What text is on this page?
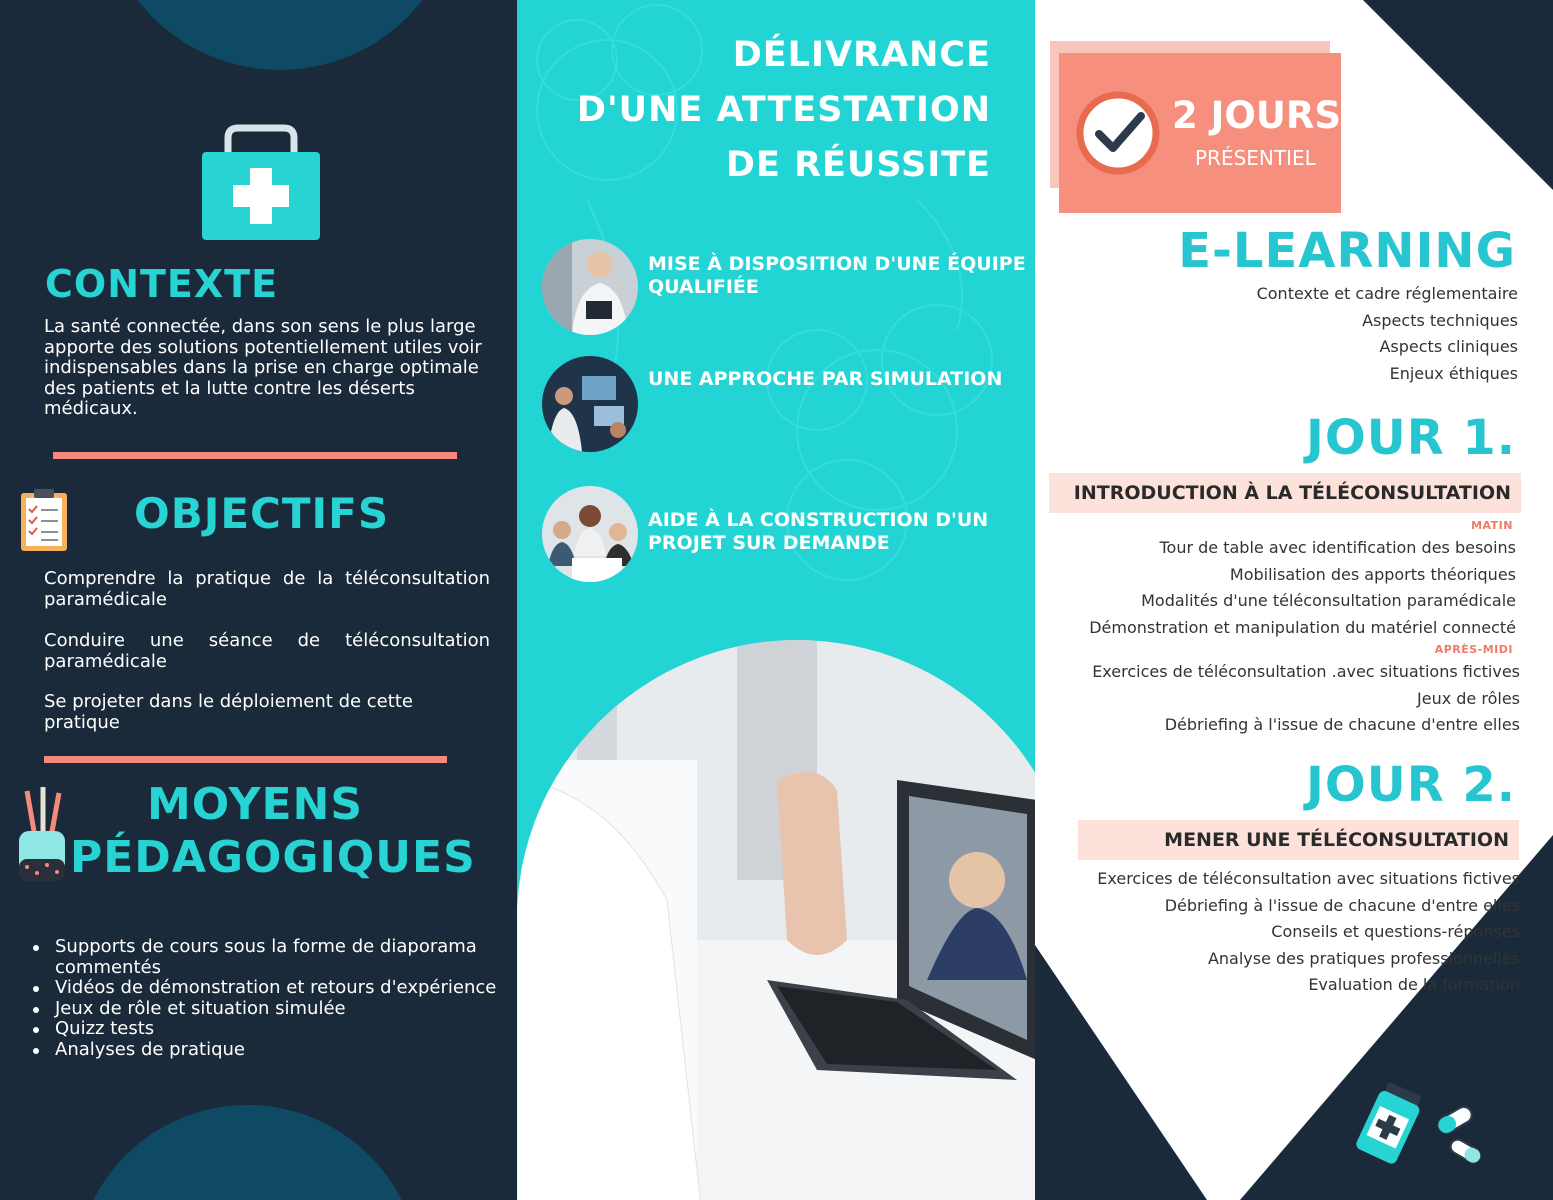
CONTEXTE

La santé connectée, dans son sens le plus large apporte des solutions potentiellement utiles voir indispensables dans la prise en charge optimale des patients et la lutte contre les déserts médicaux.

OBJECTIFS

Comprendre la pratique de la téléconsultation paramédicale

Conduire une séance de téléconsultation paramédicale

Se projeter dans le déploiement de cette pratique

MOYENS
PÉDAGOGIQUES
Supports de cours sous la forme de diaporama commentés
Vidéos de démonstration et retours d'expérience
Jeux de rôle et situation simulée
Quizz tests
Analyses de pratique
DÉLIVRANCE
D'UNE ATTESTATION
DE RÉUSSITE
MISE À DISPOSITION D'UNE ÉQUIPE QUALIFIÉE
UNE APPROCHE PAR SIMULATION
AIDE À LA CONSTRUCTION D'UN PROJET SUR DEMANDE
2 JOURS
PRÉSENTIEL
E-LEARNING
Contexte et cadre réglementaire
Aspects techniques
Aspects cliniques
Enjeux éthiques
JOUR 1.
INTRODUCTION À LA TÉLÉCONSULTATION
MATIN
Tour de table avec identification des besoins
Mobilisation des apports théoriques
Modalités d'une téléconsultation paramédicale
Démonstration et manipulation du matériel connecté
APRÈS-MIDI
Exercices de téléconsultation .avec situations fictives
Jeux de rôles
Débriefing à l'issue de chacune d'entre elles
JOUR 2.
MENER UNE TÉLÉCONSULTATION
Exercices de téléconsultation avec situations fictives
Débriefing à l'issue de chacune d'entre elles
Conseils et questions-réponses
Analyse des pratiques professionnelles
Evaluation de la formation
